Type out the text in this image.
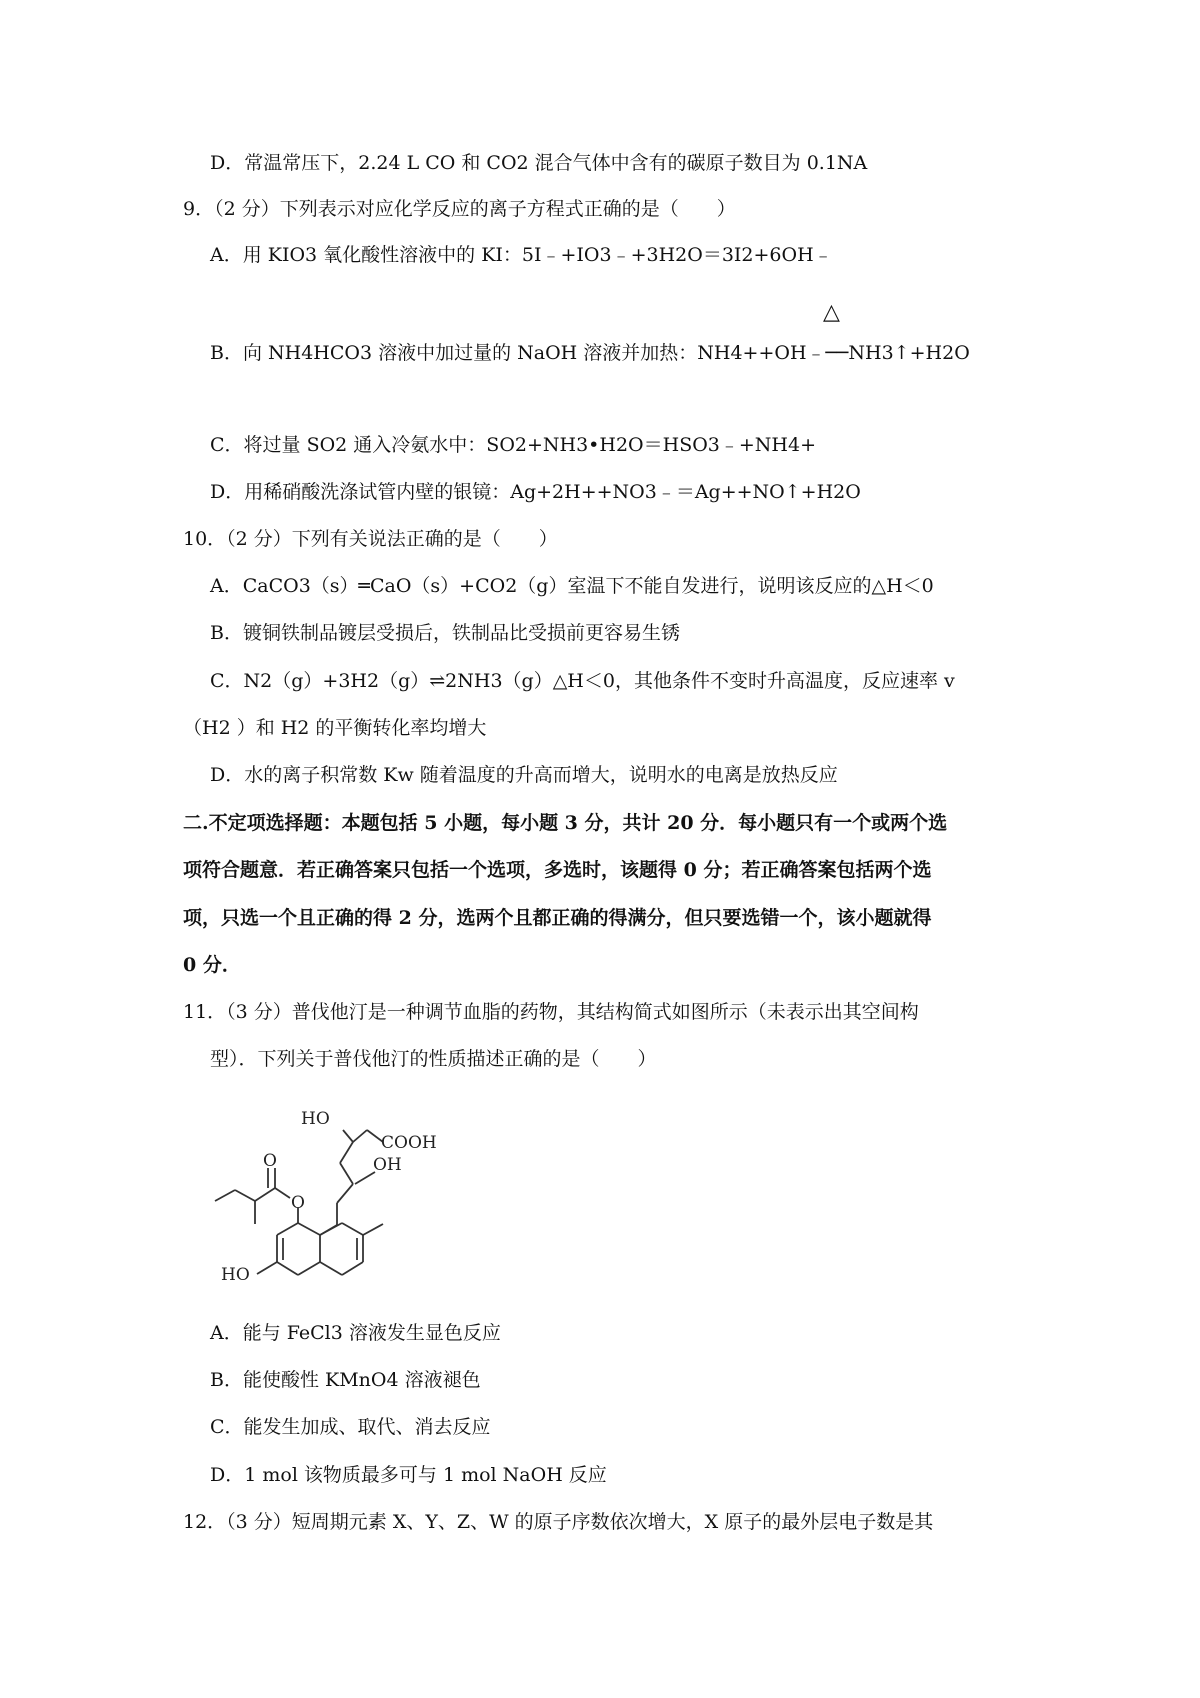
D．常温常压下，2.24 L CO 和 CO2 混合气体中含有的碳原子数目为 0.1NA
9．（2 分）下列表示对应化学反应的离子方程式正确的是（　　）
A．用 KIO3 氧化酸性溶液中的 KI：5I﹣+IO3﹣+3H2O＝3I2+6OH﹣
△
B．向 NH4HCO3 溶液中加过量的 NaOH 溶液并加热：NH4++OH﹣──NH3↑+H2O
C．将过量 SO2 通入冷氨水中：SO2+NH3•H2O＝HSO3﹣+NH4+
D．用稀硝酸洗涤试管内壁的银镜：Ag+2H++NO3﹣＝Ag++NO↑+H2O
10．（2 分）下列有关说法正确的是（　　）
A．CaCO3（s）═CaO（s）+CO2（g）室温下不能自发进行，说明该反应的△H＜0
B．镀铜铁制品镀层受损后，铁制品比受损前更容易生锈
C．N2（g）+3H2（g）⇌2NH3（g）△H＜0，其他条件不变时升高温度，反应速率 v
（H2 ）和 H2 的平衡转化率均增大
D．水的离子积常数 Kw 随着温度的升高而增大，说明水的电离是放热反应
二.不定项选择题：本题包括 5 小题，每小题 3 分，共计 20 分．每小题只有一个或两个选
项符合题意．若正确答案只包括一个选项，多选时，该题得 0 分；若正确答案包括两个选
项，只选一个且正确的得 2 分，选两个且都正确的得满分，但只要选错一个，该小题就得
0 分．
11．（3 分）普伐他汀是一种调节血脂的药物，其结构简式如图所示（未表示出其空间构
型）．下列关于普伐他汀的性质描述正确的是（　　）
HO
COOH
OH
O
O
HO
A．能与 FeCl3 溶液发生显色反应
B．能使酸性 KMnO4 溶液褪色
C．能发生加成、取代、消去反应
D．1 mol 该物质最多可与 1 mol NaOH 反应
12．（3 分）短周期元素 X、Y、Z、W 的原子序数依次增大，X 原子的最外层电子数是其
